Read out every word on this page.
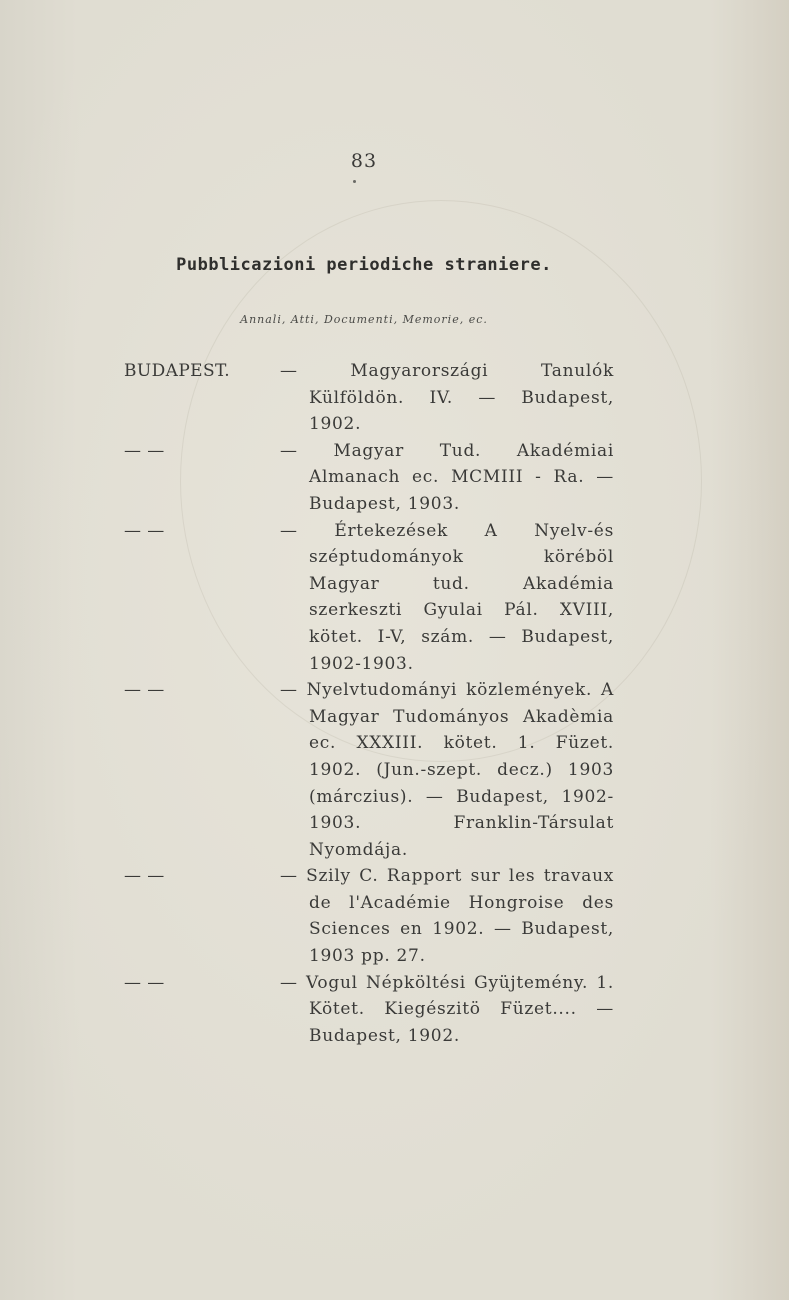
83
Pubblicazioni periodiche straniere.
Annali, Atti, Documenti, Memorie, ec.
BUDAPEST.	— Magyarországi Tanulók Külföldön. IV. — Budapest, 1902.
— —	— Magyar Tud. Akadémiai Almanach ec. MCMIII - Ra. — Budapest, 1903.
— —	— Értekezések A Nyelv-és széptudományok köréböl Magyar tud. Akadémia szerkeszti Gyulai Pál. XVIII, kötet. I-V, szám. — Budapest, 1902-1903.
— —	— Nyelvtudományi közlemények. A Magyar Tudományos Akadèmia ec. XXXIII. kötet. 1. Füzet. 1902. (Jun.-szept. decz.) 1903 (márczius). — Budapest, 1902-1903. Franklin-Társulat Nyomdája.
— —	— Szily C. Rapport sur les travaux de l'Académie Hongroise des Sciences en 1902. — Budapest, 1903 pp. 27.
— —	— Vogul Népköltési Gyüjtemény. 1. Kötet. Kiegészitö Füzet.... — Budapest, 1902.
